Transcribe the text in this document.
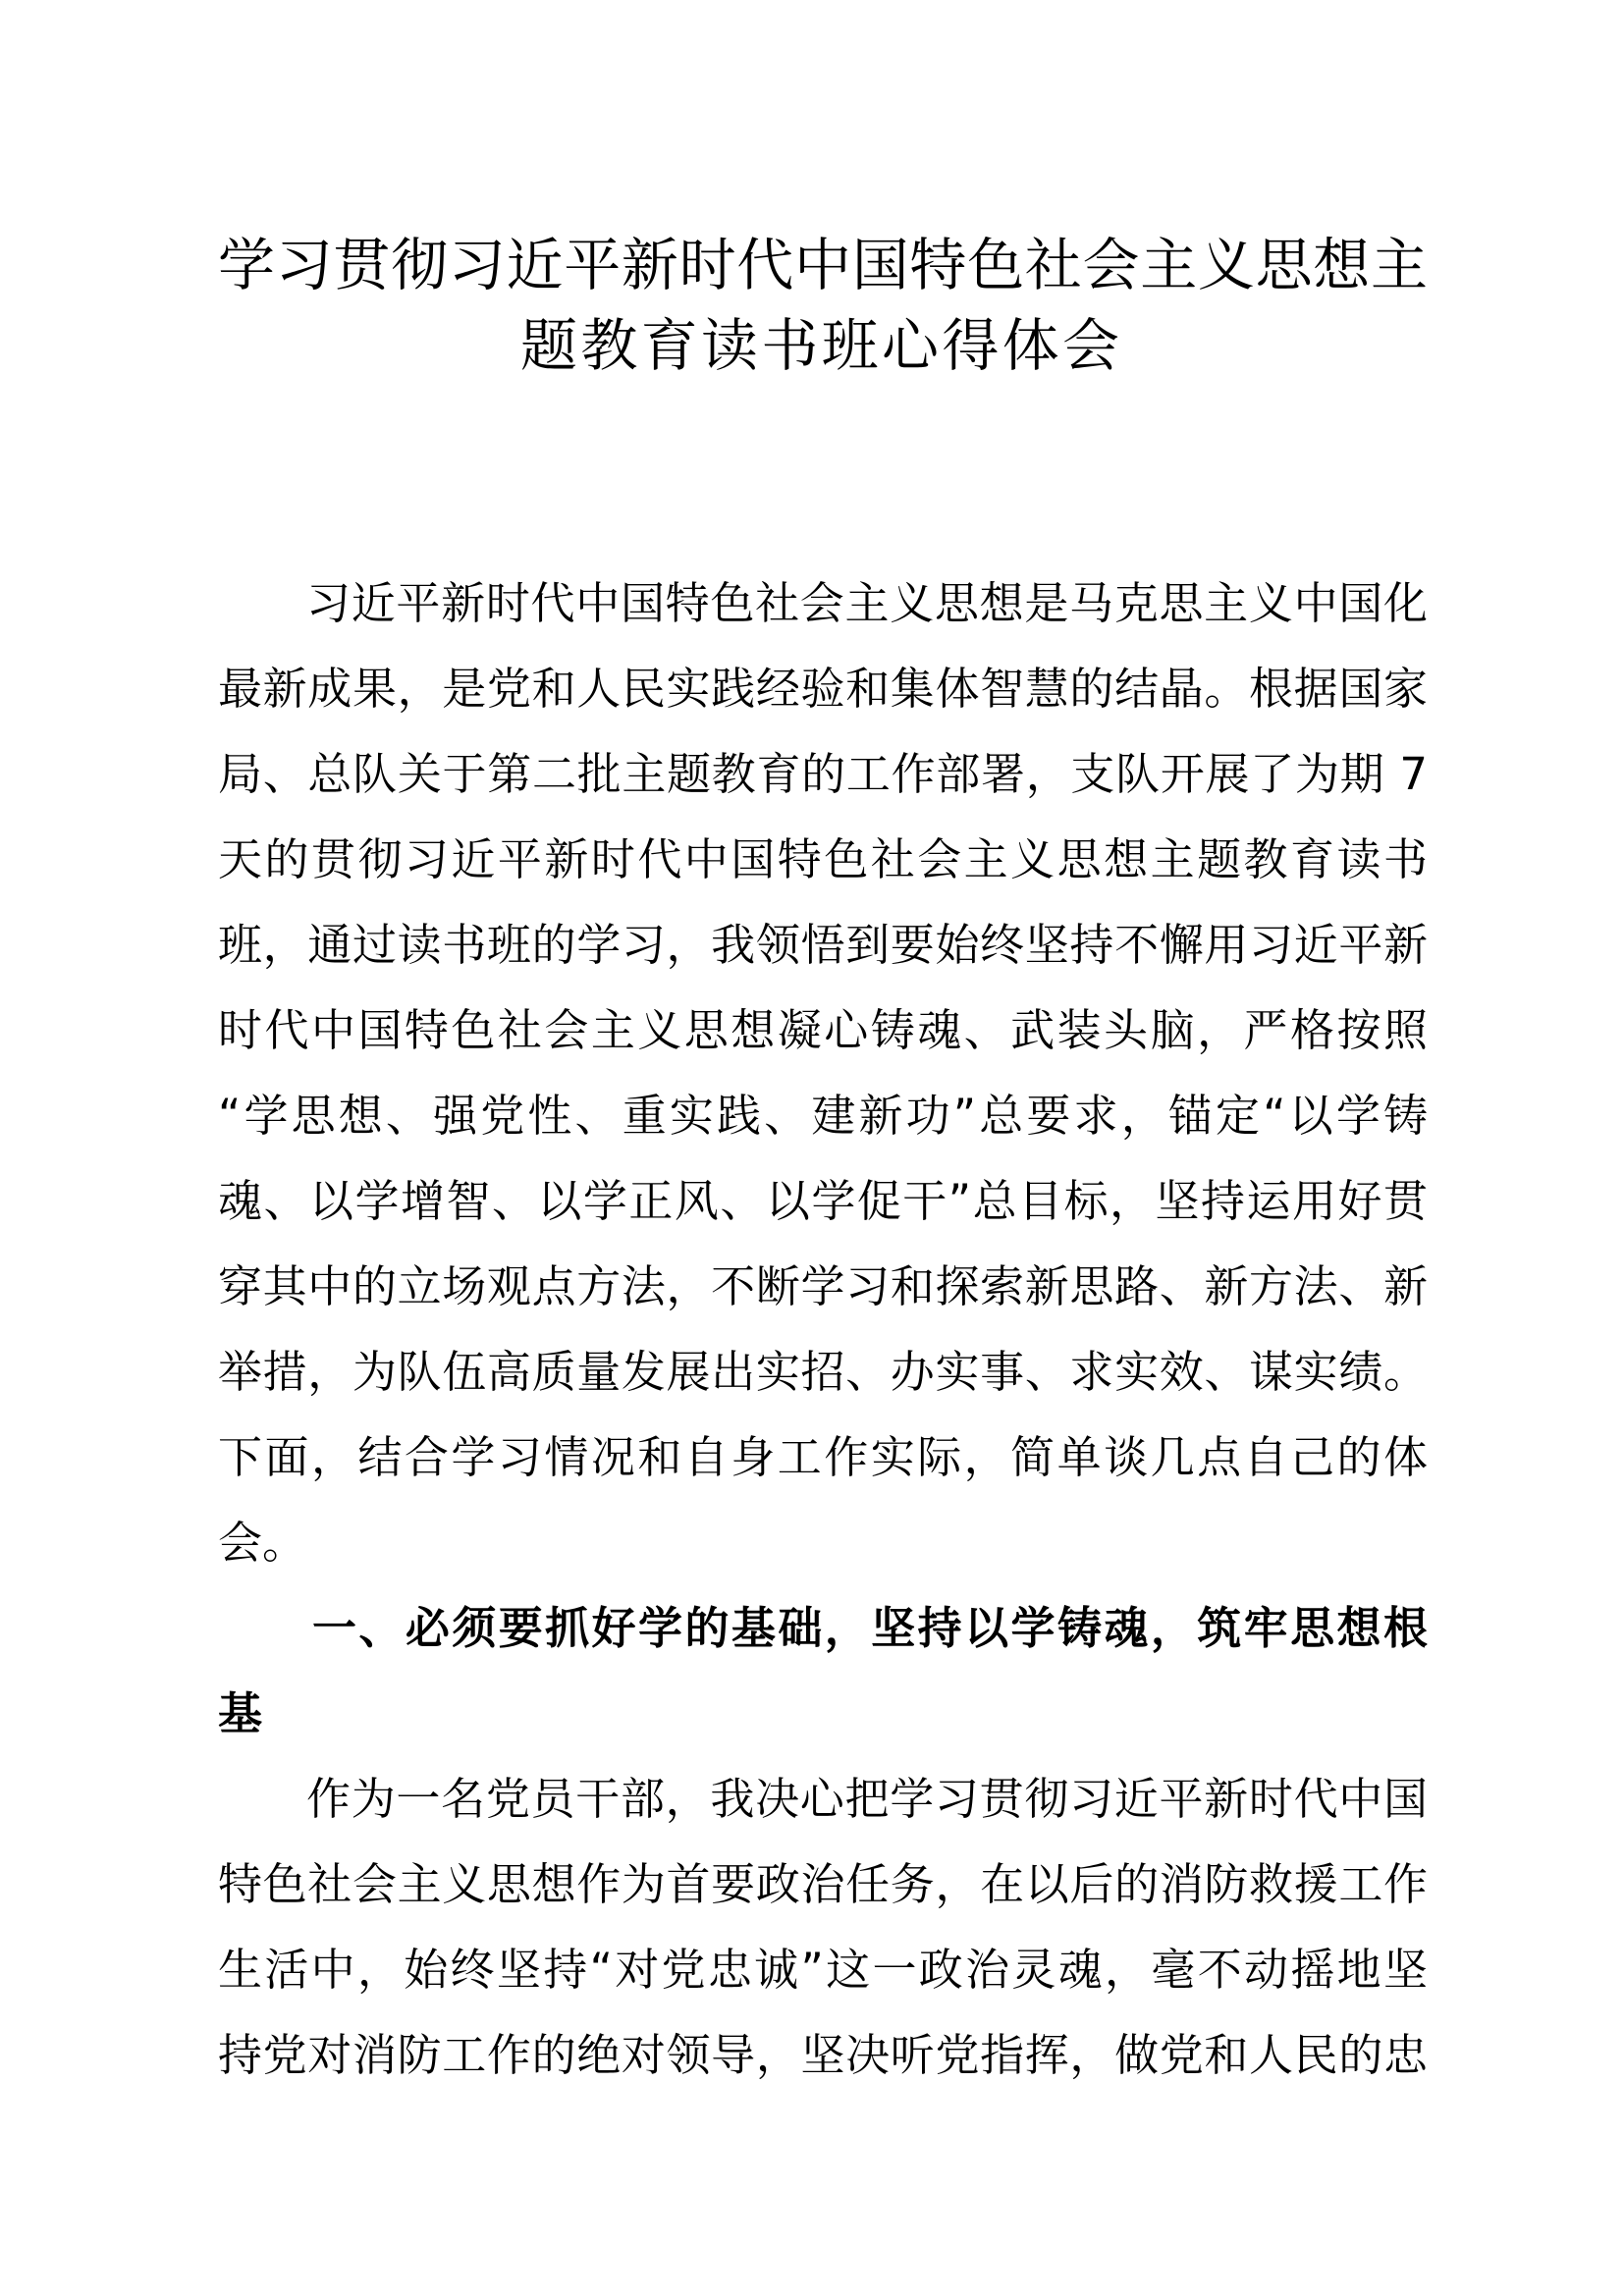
学习贯彻习近平新时代中国特色社会主义思想主
题教育读书班心得体会
习近平新时代中国特色社会主义思想是马克思主义中国化
最新成果，是党和人民实践经验和集体智慧的结晶。根据国家
局、总队关于第二批主题教育的工作部署，支队开展了为期 7
天的贯彻习近平新时代中国特色社会主义思想主题教育读书
班，通过读书班的学习，我领悟到要始终坚持不懈用习近平新
时代中国特色社会主义思想凝心铸魂、武装头脑，严格按照
“学思想、强党性、重实践、建新功”总要求，锚定“以学铸
魂、以学增智、以学正风、以学促干”总目标，坚持运用好贯
穿其中的立场观点方法，不断学习和探索新思路、新方法、新
举措，为队伍高质量发展出实招、办实事、求实效、谋实绩。
下面，结合学习情况和自身工作实际，简单谈几点自己的体
会。
一、必须要抓好学的基础，坚持以学铸魂，筑牢思想根
基
作为一名党员干部，我决心把学习贯彻习近平新时代中国
特色社会主义思想作为首要政治任务，在以后的消防救援工作
生活中，始终坚持“对党忠诚”这一政治灵魂，毫不动摇地坚
持党对消防工作的绝对领导，坚决听党指挥，做党和人民的忠
